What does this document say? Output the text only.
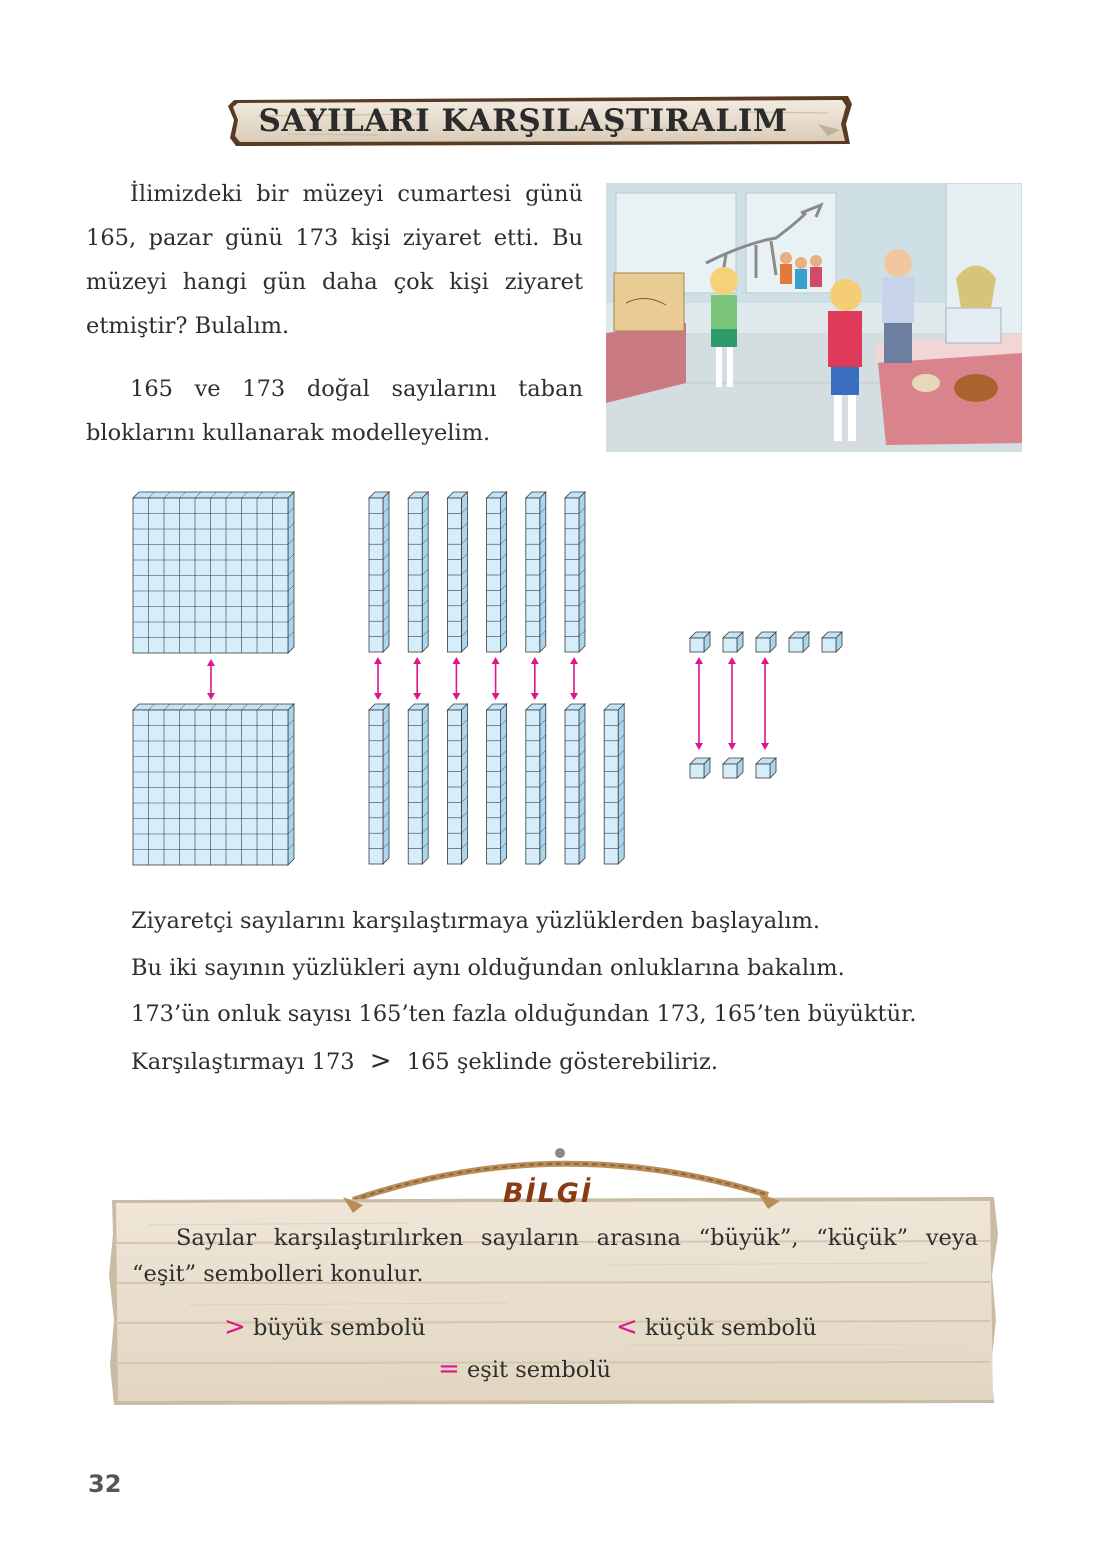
SAYILARI KARŞILAŞTIRALIM
İlimizdeki bir müzeyi cumartesi günü 165, pazar günü 173 kişi ziyaret etti. Bu müzeyi hangi gün daha çok kişi ziyaret etmiştir? Bulalım.
165 ve 173 doğal sayılarını taban bloklarını kullanarak modelleyelim.
Ziyaretçi sayılarını karşılaştırmaya yüzlüklerden başlayalım.
Bu iki sayının yüzlükleri aynı olduğundan onluklarına bakalım.
173’ün onluk sayısı 165’ten fazla olduğundan 173, 165’ten büyüktür.
Karşılaştırmayı 173 > 165 şeklinde gösterebiliriz.
BİLGİ
Sayılar karşılaştırılırken sayıların arasına “büyük”, “küçük” veya “eşit” sembolleri konulur.
> büyük sembolü	< küçük sembolü
= eşit sembolü
32
